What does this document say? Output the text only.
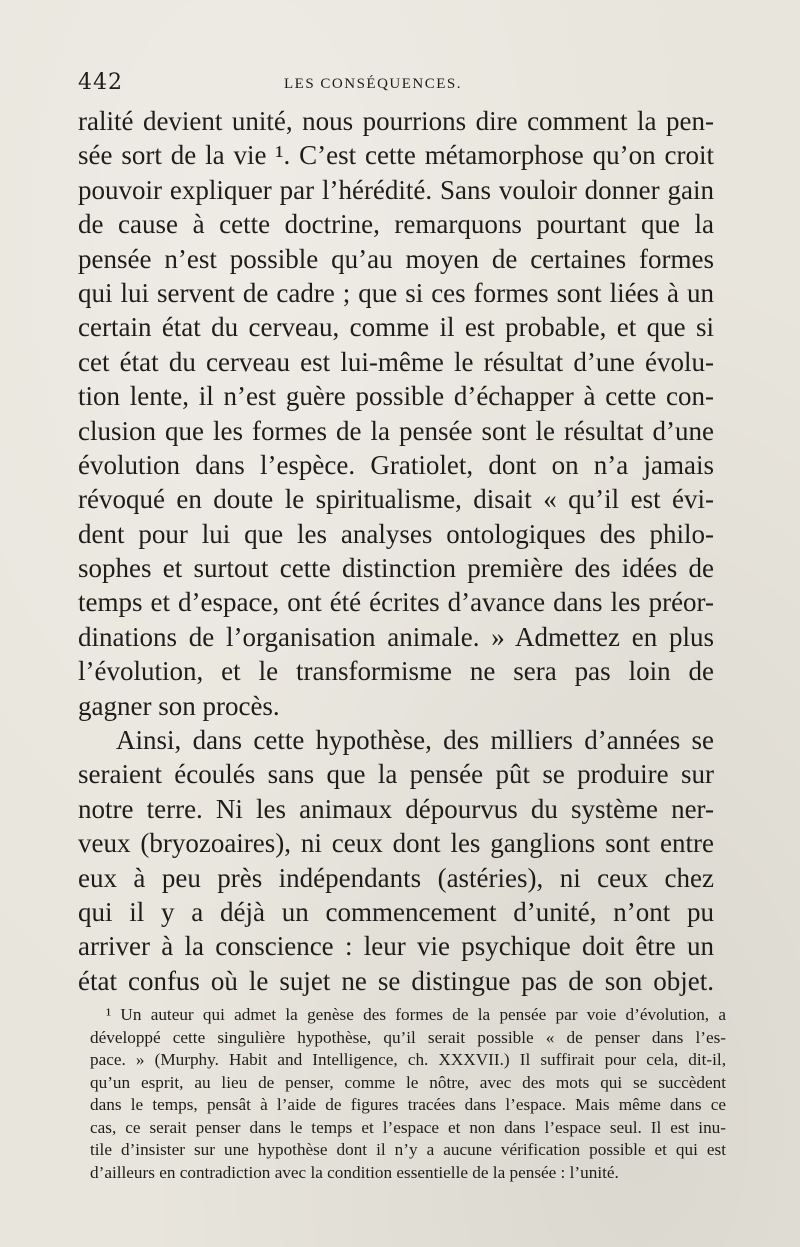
442	LES CONSÉQUENCES.
ralité devient unité, nous pourrions dire comment la pen-
sée sort de la vie ¹. C’est cette métamorphose qu’on croit
pouvoir expliquer par l’hérédité. Sans vouloir donner gain
de cause à cette doctrine, remarquons pourtant que la
pensée n’est possible qu’au moyen de certaines formes
qui lui servent de cadre ; que si ces formes sont liées à un
certain état du cerveau, comme il est probable, et que si
cet état du cerveau est lui-même le résultat d’une évolu-
tion lente, il n’est guère possible d’échapper à cette con-
clusion que les formes de la pensée sont le résultat d’une
évolution dans l’espèce. Gratiolet, dont on n’a jamais
révoqué en doute le spiritualisme, disait « qu’il est évi-
dent pour lui que les analyses ontologiques des philo-
sophes et surtout cette distinction première des idées de
temps et d’espace, ont été écrites d’avance dans les préor-
dinations de l’organisation animale. » Admettez en plus
l’évolution, et le transformisme ne sera pas loin de
gagner son procès.
Ainsi, dans cette hypothèse, des milliers d’années se
seraient écoulés sans que la pensée pût se produire sur
notre terre. Ni les animaux dépourvus du système ner-
veux (bryozoaires), ni ceux dont les ganglions sont entre
eux à peu près indépendants (astéries), ni ceux chez
qui il y a déjà un commencement d’unité, n’ont pu
arriver à la conscience : leur vie psychique doit être un
état confus où le sujet ne se distingue pas de son objet.
¹ Un auteur qui admet la genèse des formes de la pensée par voie d’évolution, a
développé cette singulière hypothèse, qu’il serait possible « de penser dans l’es-
pace. » (Murphy. Habit and Intelligence, ch. XXXVII.) Il suffirait pour cela, dit-il,
qu’un esprit, au lieu de penser, comme le nôtre, avec des mots qui se succèdent
dans le temps, pensât à l’aide de figures tracées dans l’espace. Mais même dans ce
cas, ce serait penser dans le temps et l’espace et non dans l’espace seul. Il est inu-
tile d’insister sur une hypothèse dont il n’y a aucune vérification possible et qui est
d’ailleurs en contradiction avec la condition essentielle de la pensée : l’unité.
